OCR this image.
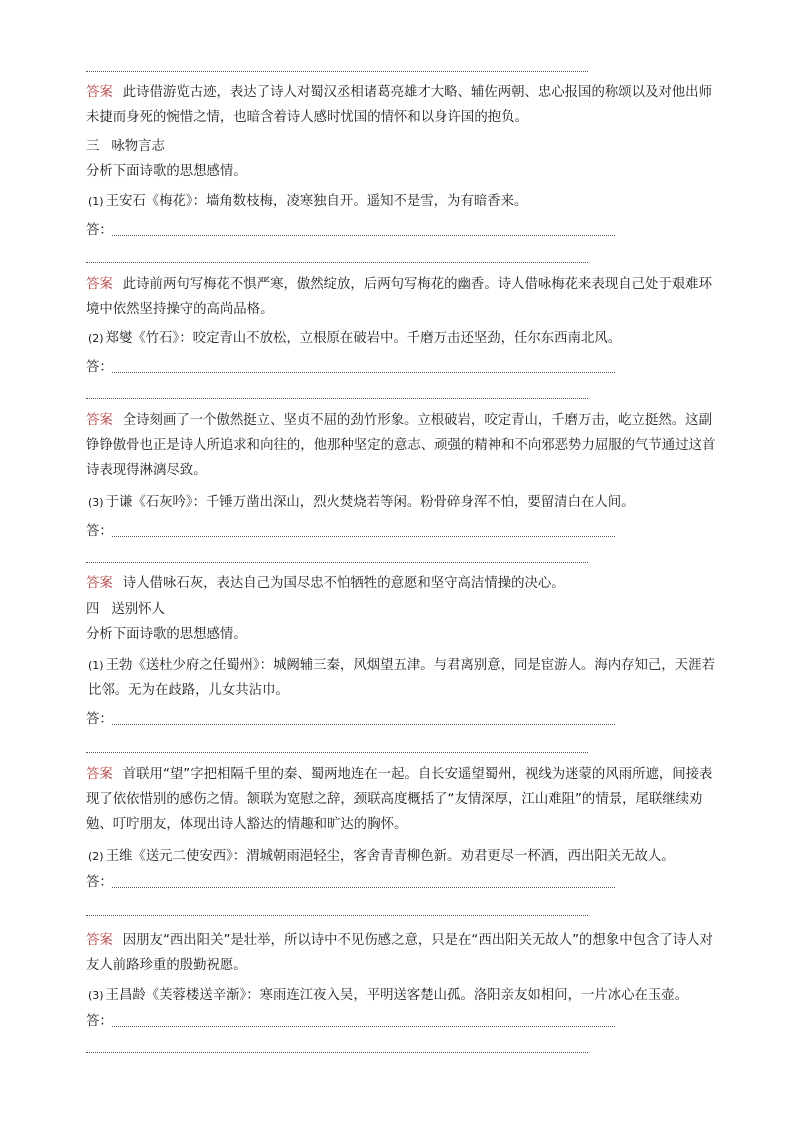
答案 此诗借游览古迹，表达了诗人对蜀汉丞相诸葛亮雄才大略、辅佐两朝、忠心报国的称颂以及对他出师未捷而身死的惋惜之情，也暗含着诗人感时忧国的情怀和以身许国的抱负。
三 咏物言志
分析下面诗歌的思想感情。
(1) 王安石《梅花》：墙角数枝梅，凌寒独自开。遥知不是雪，为有暗香来。
答：
答案 此诗前两句写梅花不惧严寒，傲然绽放，后两句写梅花的幽香。诗人借咏梅花来表现自己处于艰难环境中依然坚持操守的高尚品格。
(2) 郑燮《竹石》：咬定青山不放松，立根原在破岩中。千磨万击还坚劲，任尔东西南北风。
答：
答案 全诗刻画了一个傲然挺立、坚贞不屈的劲竹形象。立根破岩，咬定青山，千磨万击，屹立挺然。这副铮铮傲骨也正是诗人所追求和向往的，他那种坚定的意志、顽强的精神和不向邪恶势力屈服的气节通过这首诗表现得淋漓尽致。
(3) 于谦《石灰吟》：千锤万凿出深山，烈火焚烧若等闲。粉骨碎身浑不怕，要留清白在人间。
答：
答案 诗人借咏石灰，表达自己为国尽忠不怕牺牲的意愿和坚守高洁情操的决心。
四 送别怀人
分析下面诗歌的思想感情。
(1) 王勃《送杜少府之任蜀州》：城阙辅三秦，风烟望五津。与君离别意，同是宦游人。海内存知己，天涯若比邻。无为在歧路，儿女共沾巾。
答：
答案 首联用“望”字把相隔千里的秦、蜀两地连在一起。自长安遥望蜀州，视线为迷蒙的风雨所遮，间接表现了依依惜别的感伤之情。颔联为宽慰之辞，颈联高度概括了“友情深厚，江山难阻”的情景，尾联继续劝勉、叮咛朋友，体现出诗人豁达的情趣和旷达的胸怀。
(2) 王维《送元二使安西》：渭城朝雨浥轻尘，客舍青青柳色新。劝君更尽一杯酒，西出阳关无故人。
答：
答案 因朋友“西出阳关”是壮举，所以诗中不见伤感之意，只是在“西出阳关无故人”的想象中包含了诗人对友人前路珍重的殷勤祝愿。
(3) 王昌龄《芙蓉楼送辛渐》：寒雨连江夜入吴，平明送客楚山孤。洛阳亲友如相问，一片冰心在玉壶。
答：
